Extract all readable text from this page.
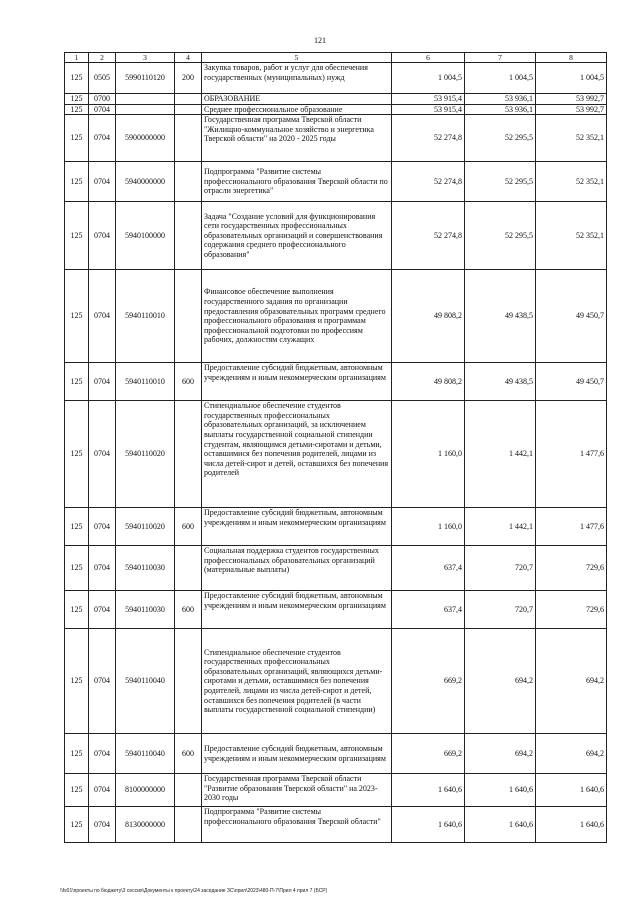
121
1	2	3	4	5	6	7	8
125	0505	5990110120	200	Закупка товаров, работ и услуг для обеспечения государственных (муниципальных) нужд	1 004,5	1 004,5	1 004,5
125	0700			ОБРАЗОВАНИЕ	53 915,4	53 936,1	53 992,7
125	0704			Среднее профессиональное образование	53 915,4	53 936,1	53 992,7
125	0704	5900000000		Государственная программа Тверской области "Жилищно-коммунальное хозяйство и энергетика Тверской области" на 2020 - 2025 годы	52 274,8	52 295,5	52 352,1
125	0704	5940000000		Подпрограмма "Развитие системы профессионального образования Тверской области по отрасли энергетика"	52 274,8	52 295,5	52 352,1
125	0704	5940100000		Задача "Создание условий для функционирования сети государственных профессиональных образовательных организаций и совершенствования содержания среднего профессионального образования"	52 274,8	52 295,5	52 352,1
125	0704	5940110010		Финансовое обеспечение выполнения государственного задания по организации предоставления образовательных программ среднего профессионального образования и программам профессиональной подготовки по профессиям рабочих, должностям служащих	49 808,2	49 438,5	49 450,7
125	0704	5940110010	600	Предоставление субсидий бюджетным, автономным учреждениям и иным некоммерческим организациям	49 808,2	49 438,5	49 450,7
125	0704	5940110020		Стипендиальное обеспечение студентов государственных профессиональных образовательных организаций, за исключением выплаты государственной социальной стипендии студентам, являющимся детьми-сиротами и детьми, оставшимися без попечения родителей, лицами из числа детей-сирот и детей, оставшихся без попечения родителей	1 160,0	1 442,1	1 477,6
125	0704	5940110020	600	Предоставление субсидий бюджетным, автономным учреждениям и иным некоммерческим организациям	1 160,0	1 442,1	1 477,6
125	0704	5940110030		Социальная поддержка студентов государственных профессиональных образовательных организаций (материальные выплаты)	637,4	720,7	729,6
125	0704	5940110030	600	Предоставление субсидий бюджетным, автономным учреждениям и иным некоммерческим организациям	637,4	720,7	729,6
125	0704	5940110040		Стипендиальное обеспечение студентов государственных профессиональных образовательных организаций, являющихся детьми-сиротами и детьми, оставшимися без попечения родителей, лицами из числа детей-сирот и детей, оставшихся без попечения родителей (в части выплаты государственной социальной стипендии)	669,2	694,2	694,2
125	0704	5940110040	600	Предоставление субсидий бюджетным, автономным учреждениям и иным некоммерческим организациям	669,2	694,2	694,2
125	0704	8100000000		Государственная программа Тверской области "Развитие образования Тверской области" на 2023-2030 годы	1 640,6	1 640,6	1 640,6
125	0704	8130000000		Подпрограмма "Развитие системы профессионального образования Тверской области"	1 640,6	1 640,6	1 640,6
\\fs01\проекты по бюджету\3 сессия\Документы к проекту\24 заседание ЗС\прил\2023\480-П-7\Прил 4 прил 7 (БСР)
